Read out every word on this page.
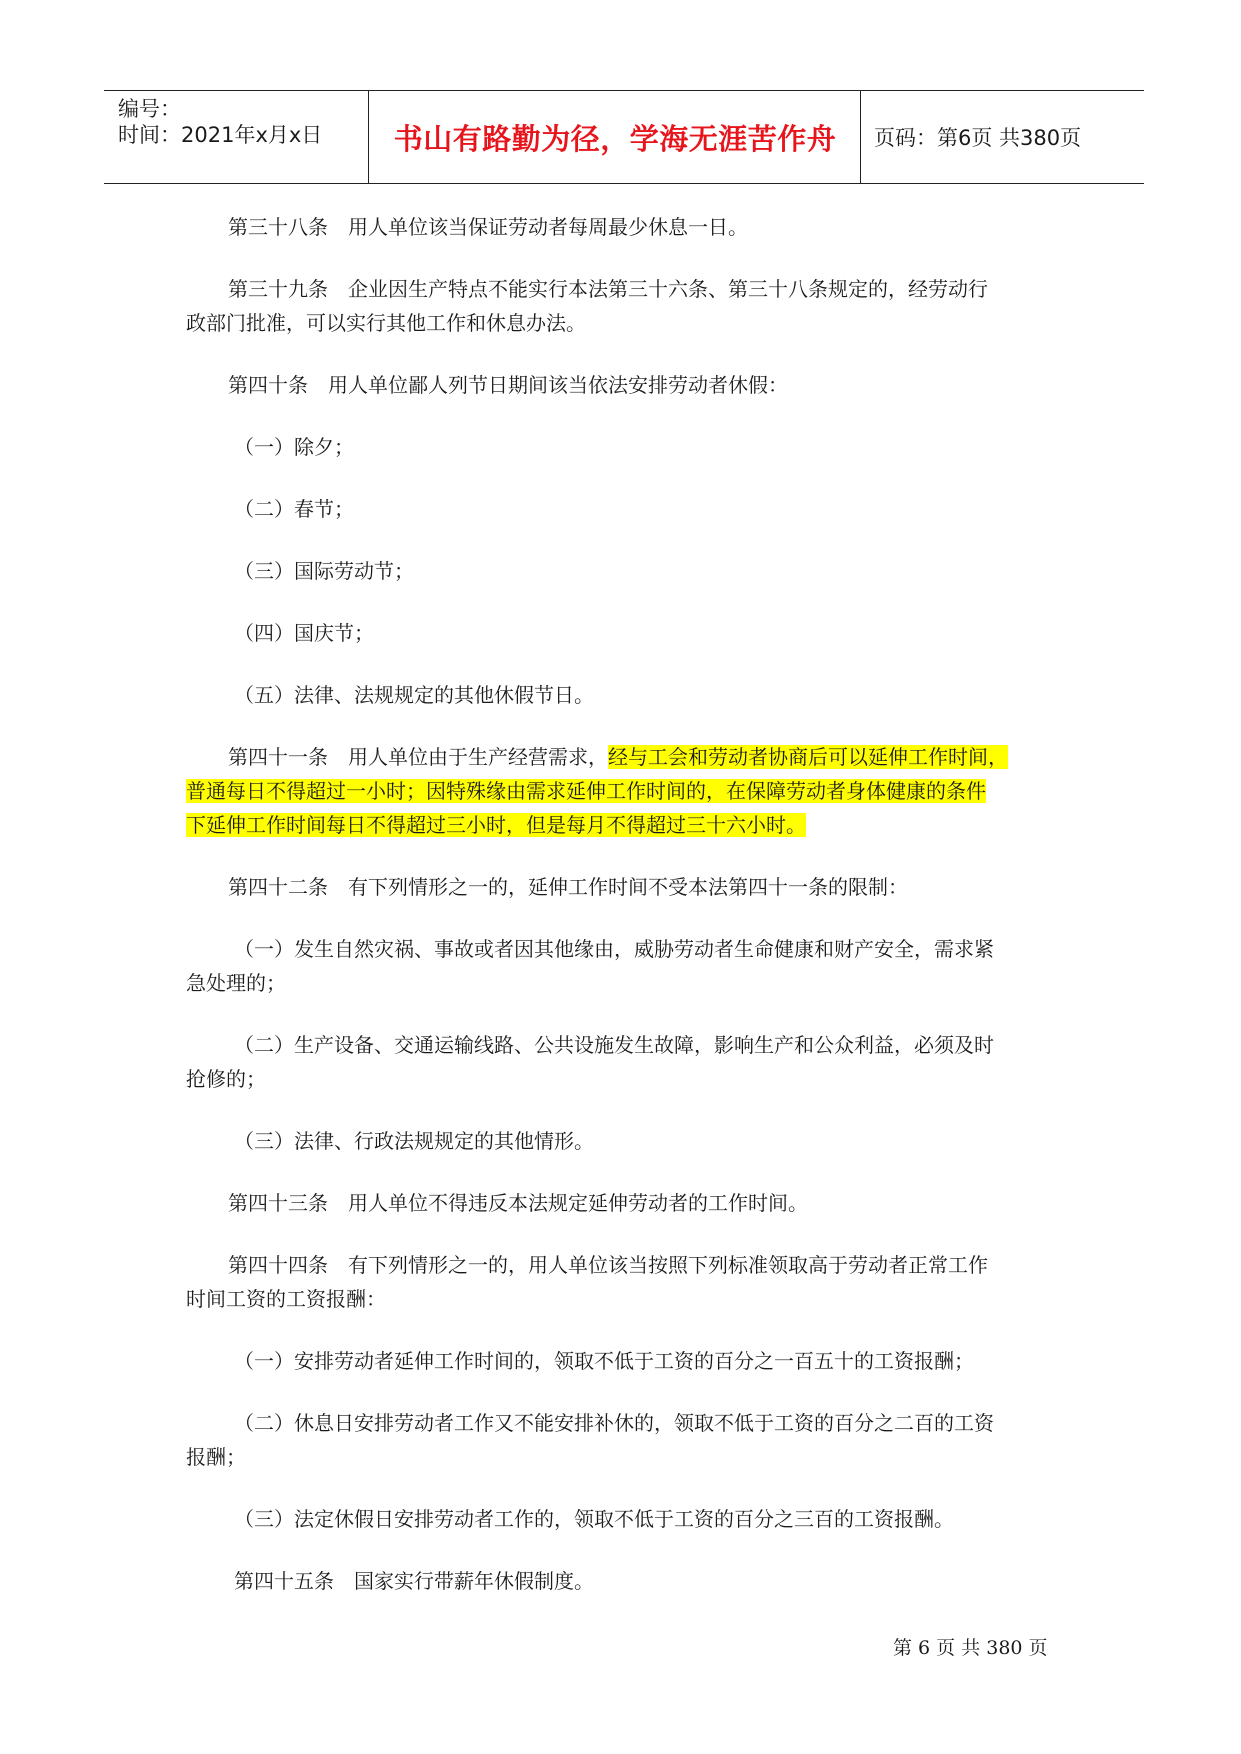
编号：
时间：2021年x月x日	书山有路勤为径，学海无涯苦作舟	页码：第6页 共380页

第三十八条　用人单位该当保证劳动者每周最少休息一日。

第三十九条　企业因生产特点不能实行本法第三十六条、第三十八条规定的，经劳动行

政部门批准，可以实行其他工作和休息办法。

第四十条　用人单位鄙人列节日期间该当依法安排劳动者休假：

（一）除夕；

（二）春节；

（三）国际劳动节；

（四）国庆节；

（五）法律、法规规定的其他休假节日。

第四十一条　用人单位由于生产经营需求，经与工会和劳动者协商后可以延伸工作时间，

普通每日不得超过一小时；因特殊缘由需求延伸工作时间的，在保障劳动者身体健康的条件

下延伸工作时间每日不得超过三小时，但是每月不得超过三十六小时。

第四十二条　有下列情形之一的，延伸工作时间不受本法第四十一条的限制：

（一）发生自然灾祸、事故或者因其他缘由，威胁劳动者生命健康和财产安全，需求紧

急处理的；

（二）生产设备、交通运输线路、公共设施发生故障，影响生产和公众利益，必须及时

抢修的；

（三）法律、行政法规规定的其他情形。

第四十三条　用人单位不得违反本法规定延伸劳动者的工作时间。

第四十四条　有下列情形之一的，用人单位该当按照下列标准领取高于劳动者正常工作

时间工资的工资报酬：

（一）安排劳动者延伸工作时间的，领取不低于工资的百分之一百五十的工资报酬；

（二）休息日安排劳动者工作又不能安排补休的，领取不低于工资的百分之二百的工资

报酬；

（三）法定休假日安排劳动者工作的，领取不低于工资的百分之三百的工资报酬。

第四十五条　国家实行带薪年休假制度。

第 6 页 共 380 页
